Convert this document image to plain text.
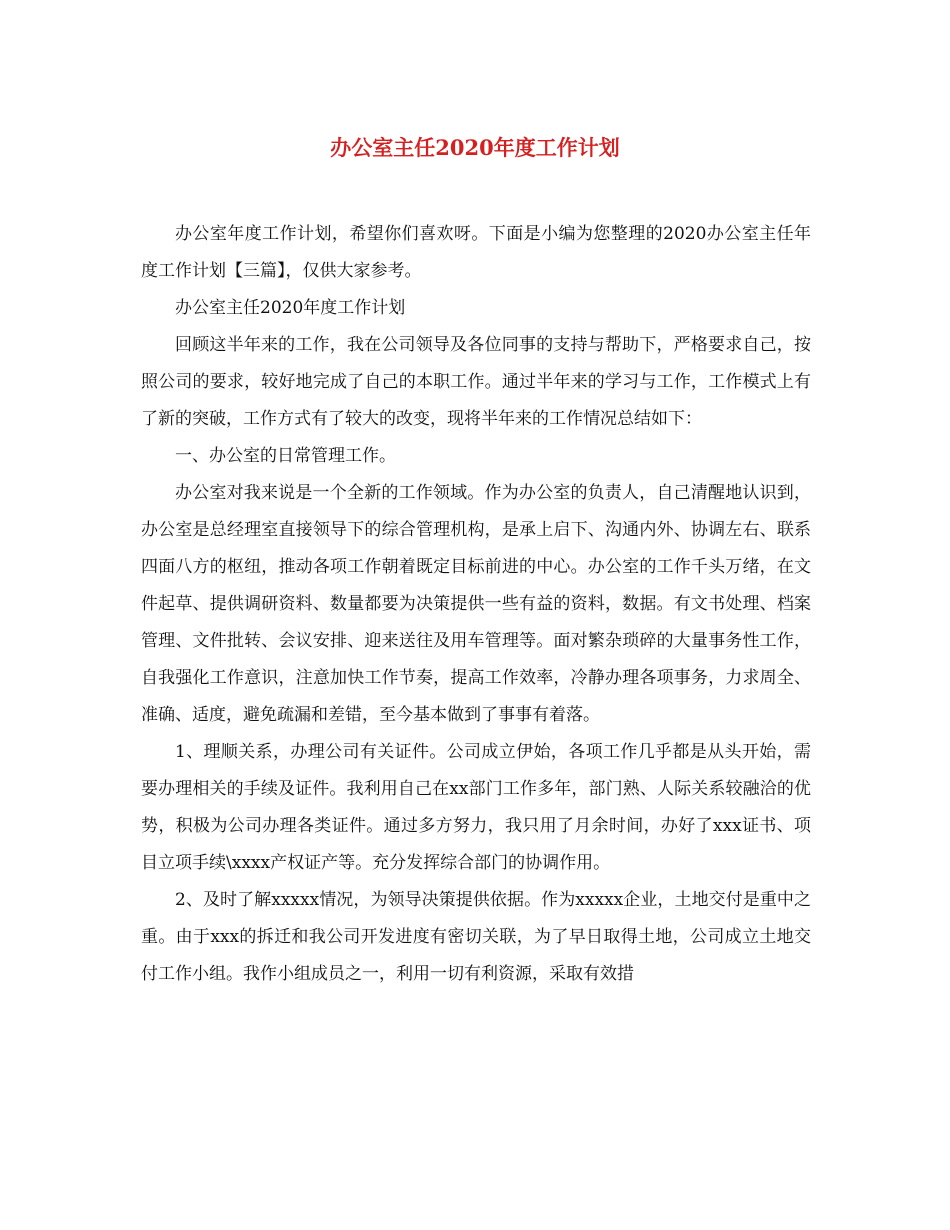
办公室主任2020年度工作计划

办公室年度工作计划，希望你们喜欢呀。下面是小编为您整理的2020办公室主任年度工作计划【三篇】，仅供大家参考。

办公室主任2020年度工作计划

回顾这半年来的工作，我在公司领导及各位同事的支持与帮助下，严格要求自己，按照公司的要求，较好地完成了自己的本职工作。通过半年来的学习与工作，工作模式上有了新的突破，工作方式有了较大的改变，现将半年来的工作情况总结如下：

一、办公室的日常管理工作。

办公室对我来说是一个全新的工作领域。作为办公室的负责人，自己清醒地认识到，办公室是总经理室直接领导下的综合管理机构，是承上启下、沟通内外、协调左右、联系四面八方的枢纽，推动各项工作朝着既定目标前进的中心。办公室的工作千头万绪，在文件起草、提供调研资料、数量都要为决策提供一些有益的资料，数据。有文书处理、档案管理、文件批转、会议安排、迎来送往及用车管理等。面对繁杂琐碎的大量事务性工作，自我强化工作意识，注意加快工作节奏，提高工作效率，冷静办理各项事务，力求周全、准确、适度，避免疏漏和差错，至今基本做到了事事有着落。

1、理顺关系，办理公司有关证件。公司成立伊始，各项工作几乎都是从头开始，需要办理相关的手续及证件。我利用自己在xx部门工作多年，部门熟、人际关系较融洽的优势，积极为公司办理各类证件。通过多方努力，我只用了月余时间，办好了xxx证书、项目立项手续\xxxx产权证产等。充分发挥综合部门的协调作用。

2、及时了解xxxxx情况，为领导决策提供依据。作为xxxxx企业，土地交付是重中之重。由于xxx的拆迁和我公司开发进度有密切关联，为了早日取得土地，公司成立土地交付工作小组。我作小组成员之一，利用一切有利资源，采取有效措
